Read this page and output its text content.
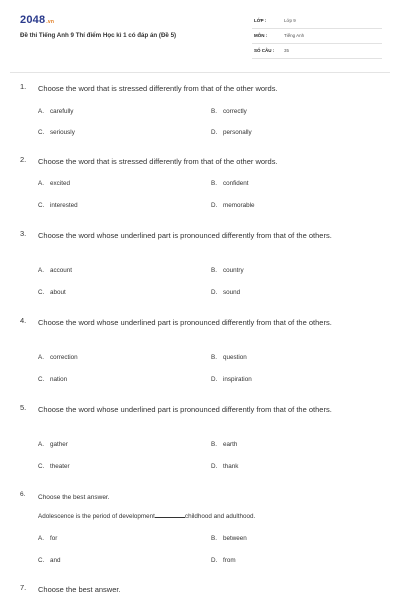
2048.vn
Đề thi Tiếng Anh 9 Thí điểm Học kì 1 có đáp án (Đề 5)
LỚP :	Lớp 9
MÔN :	Tiếng Anh
SỐ CÂU : 35
1. Choose the word that is stressed differently from that of the other words.
A. carefully	B. correctly
C. seriously	D. personally
2. Choose the word that is stressed differently from that of the other words.
A. excited	B. confident
C. interested	D. memorable
3. Choose the word whose underlined part is pronounced differently from that of the others.
A. account	B. country
C. about	D. sound
4. Choose the word whose underlined part is pronounced differently from that of the others.
A. correction	B. question
C. nation	D. inspiration
5. Choose the word whose underlined part is pronounced differently from that of the others.
A. gather	B. earth
C. theater	D. thank
6. Choose the best answer.
Adolescence is the period of development	childhood and adulthood.
A. for	B. between
C. and	D. from
7. Choose the best answer.
